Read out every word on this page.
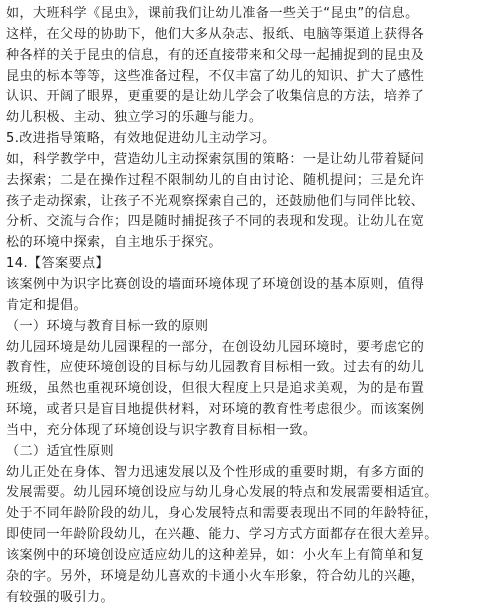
如，大班科学《昆虫》，课前我们让幼儿准备一些关于“昆虫”的信息。
这样，在父母的协助下，他们大多从杂志、报纸、电脑等渠道上获得各
种各样的关于昆虫的信息，有的还直接带来和父母一起捕捉到的昆虫及
昆虫的标本等等，这些准备过程，不仅丰富了幼儿的知识、扩大了感性
认识、开阔了眼界，更重要的是让幼儿学会了收集信息的方法，培养了
幼儿积极、主动、独立学习的乐趣与能力。
5.改进指导策略，有效地促进幼儿主动学习。
如，科学教学中，营造幼儿主动探索氛围的策略：一是让幼儿带着疑问
去探索；二是在操作过程不限制幼儿的自由讨论、随机提问；三是允许
孩子走动探索，让孩子不光观察探索自己的，还鼓励他们与同伴比较、
分析、交流与合作；四是随时捕捉孩子不同的表现和发现。让幼儿在宽
松的环境中探索，自主地乐于探究。
14.【答案要点】
该案例中为识字比赛创设的墙面环境体现了环境创设的基本原则，值得
肯定和提倡。
（一）环境与教育目标一致的原则
幼儿园环境是幼儿园课程的一部分，在创设幼儿园环境时，要考虑它的
教育性，应使环境创设的目标与幼儿园教育目标相一致。过去有的幼儿
班级，虽然也重视环境创设，但很大程度上只是追求美观，为的是布置
环境，或者只是盲目地提供材料，对环境的教育性考虑很少。而该案例
当中，充分体现了环境创设与识字教育目标相一致。
（二）适宜性原则
幼儿正处在身体、智力迅速发展以及个性形成的重要时期，有多方面的
发展需要。幼儿园环境创设应与幼儿身心发展的特点和发展需要相适宜。
处于不同年龄阶段的幼儿，身心发展特点和需要表现出不同的年龄特征，
即使同一年龄阶段幼儿，在兴趣、能力、学习方式方面都存在很大差异。
该案例中的环境创设应适应幼儿的这种差异，如：小火车上有简单和复
杂的字。另外，环境是幼儿喜欢的卡通小火车形象，符合幼儿的兴趣，
有较强的吸引力。
